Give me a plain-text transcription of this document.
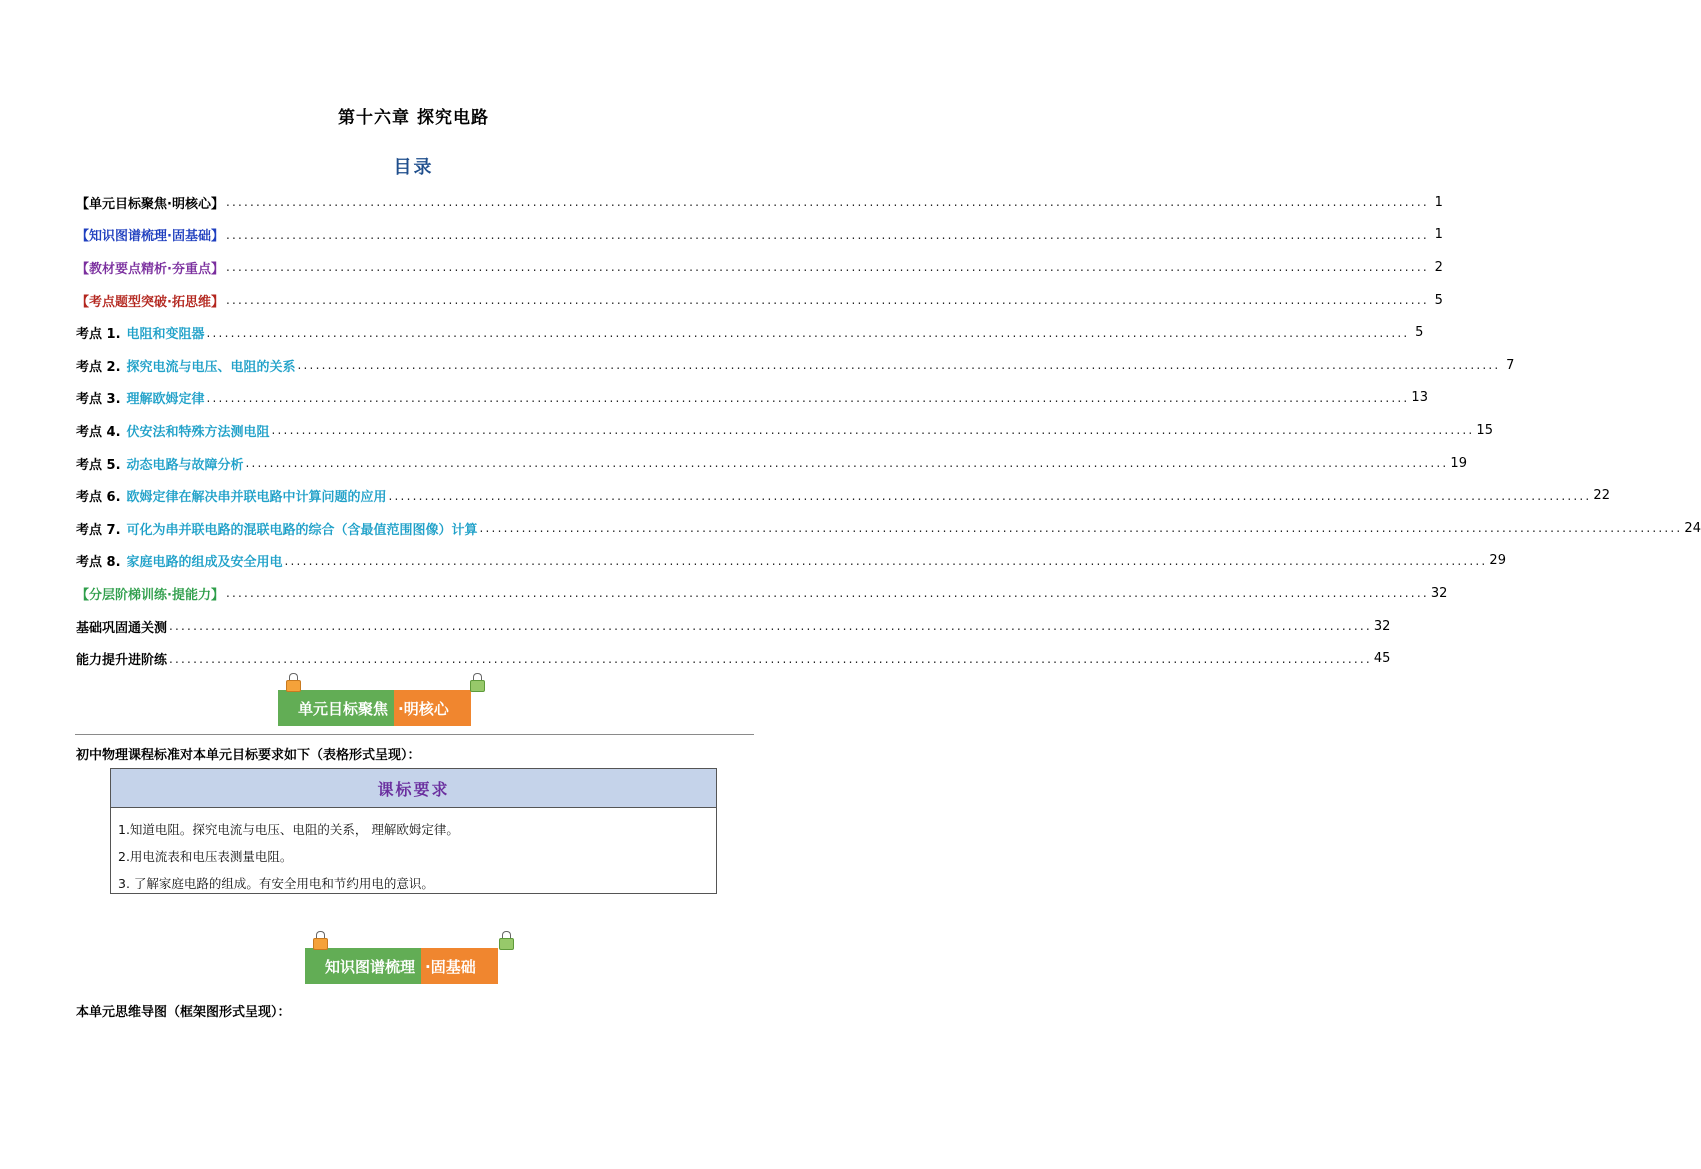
第十六章 探究电路
目录
【单元目标聚焦·明核心】 ........................................................................................................................................................................................................ 1
【知识图谱梳理·固基础】 ........................................................................................................................................................................................................ 1
【教材要点精析·夯重点】 ........................................................................................................................................................................................................ 2
【考点题型突破·拓思维】 ........................................................................................................................................................................................................ 5
考点 1. 电阻和变阻器 ........................................................................................................................................................................................................ 5
考点 2. 探究电流与电压、电阻的关系 ........................................................................................................................................................................................................ 7
考点 3. 理解欧姆定律 ........................................................................................................................................................................................................ 13
考点 4. 伏安法和特殊方法测电阻 ........................................................................................................................................................................................................ 15
考点 5. 动态电路与故障分析 ........................................................................................................................................................................................................ 19
考点 6. 欧姆定律在解决串并联电路中计算问题的应用 ........................................................................................................................................................................................................ 22
考点 7. 可化为串并联电路的混联电路的综合（含最值范围图像）计算 ........................................................................................................................................................................................................ 24
考点 8. 家庭电路的组成及安全用电 ........................................................................................................................................................................................................ 29
【分层阶梯训练·提能力】 ........................................................................................................................................................................................................ 32
基础巩固通关测 ........................................................................................................................................................................................................ 32
能力提升进阶练 ........................................................................................................................................................................................................ 45
单元目标聚焦 ·明核心
初中物理课程标准对本单元目标要求如下（表格形式呈现）：
课标要求
1.知道电阻。探究电流与电压、电阻的关系， 理解欧姆定律。
2.用电流表和电压表测量电阻。
3. 了解家庭电路的组成。有安全用电和节约用电的意识。
知识图谱梳理 ·固基础
本单元思维导图（框架图形式呈现）：
